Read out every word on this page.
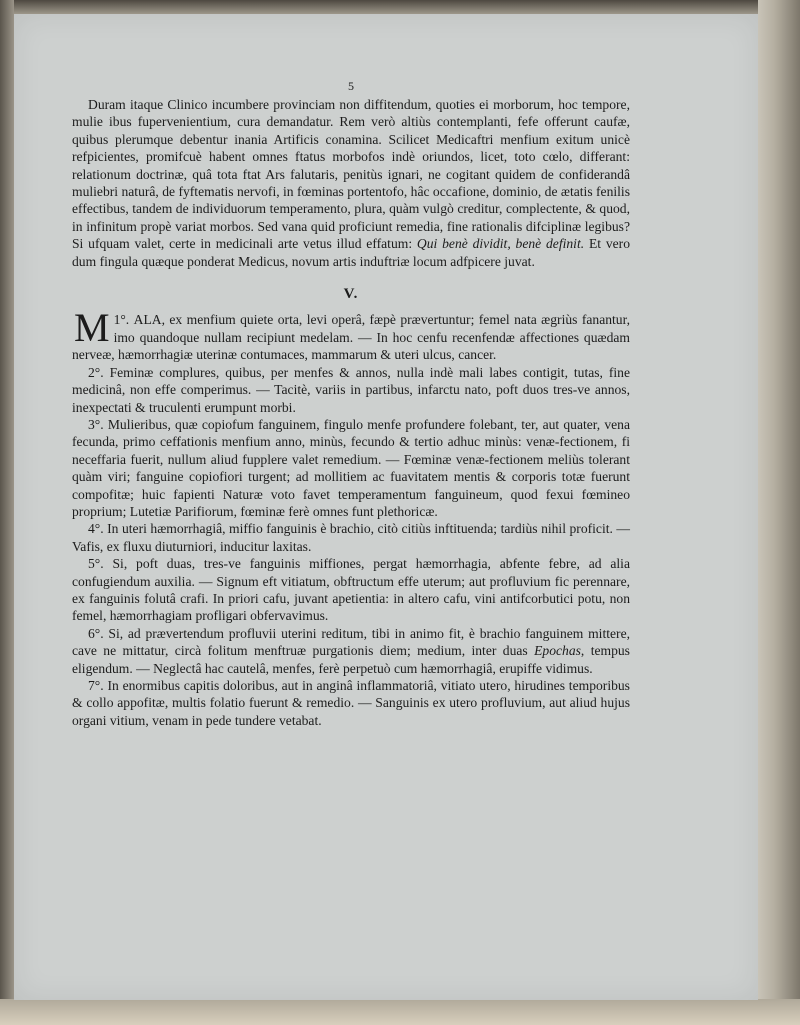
5

Duram itaque Clinico incumbere provinciam non diffitendum, quoties ei morborum, hoc tempore, mulie ibus fupervenientium, cura demandatur. Rem verò altiùs contemplanti, fefe offerunt caufæ, quibus plerumque debentur inania Artificis conamina. Scilicet Medicaftri menfium exitum unicè refpicientes, promifcuè habent omnes ftatus morbofos indè oriundos, licet, toto cœlo, differant: relationum doctrinæ, quâ tota ftat Ars falutaris, penitùs ignari, ne cogitant quidem de confiderandâ muliebri naturâ, de fyftematis nervofi, in fœminas portentofo, hâc occafione, dominio, de ætatis fenilis effectibus, tandem de individuorum temperamento, plura, quàm vulgò creditur, complectente, & quod, in infinitum propè variat morbos. Sed vana quid proficiunt remedia, fine rationalis difciplinæ legibus? Si ufquam valet, certe in medicinali arte vetus illud effatum: Qui benè dividit, benè definit. Et vero dum fingula quæque ponderat Medicus, novum artis induftriæ locum adfpicere juvat.

V.

1°.
M ALA, ex menfium quiete orta, levi operâ, fæpè prævertuntur; femel nata ægriùs fanantur, imo quandoque nullam recipiunt medelam. — In hoc cenfu recenfendæ affectiones quædam nerveæ, hæmorrhagiæ uterinæ contumaces, mammarum & uteri ulcus, cancer.

2°. Feminæ complures, quibus, per menfes & annos, nulla indè mali labes contigit, tutas, fine medicinâ, non effe comperimus. — Tacitè, variis in partibus, infarctu nato, poft duos tres-ve annos, inexpectati & truculenti erumpunt morbi.

3°. Mulieribus, quæ copiofum fanguinem, fingulo menfe profundere folebant, ter, aut quater, vena fecunda, primo ceffationis menfium anno, minùs, fecundo & tertio adhuc minùs: venæ-fectionem, fi neceffaria fuerit, nullum aliud fupplere valet remedium. — Fœminæ venæ-fectionem meliùs tolerant quàm viri; fanguine copiofiori turgent; ad mollitiem ac fuavitatem mentis & corporis totæ fuerunt compofitæ; huic fapienti Naturæ voto favet temperamentum fanguineum, quod fexui fœmineo proprium; Lutetiæ Parifiorum, fœminæ ferè omnes funt plethoricæ.

4°. In uteri hæmorrhagiâ, miffio fanguinis è brachio, citò citiùs inftituenda; tardiùs nihil proficit. — Vafis, ex fluxu diuturniori, inducitur laxitas.

5°. Si, poft duas, tres-ve fanguinis miffiones, pergat hæmorrhagia, abfente febre, ad alia confugiendum auxilia. — Signum eft vitiatum, obftructum effe uterum; aut profluvium fic perennare, ex fanguinis folutâ crafi. In priori cafu, juvant apetientia: in altero cafu, vini antifcorbutici potu, non femel, hæmorrhagiam profligari obfervavimus.

6°. Si, ad prævertendum profluvii uterini reditum, tibi in animo fit, è brachio fanguinem mittere, cave ne mittatur, circà folitum menftruæ purgationis diem; medium, inter duas Epochas, tempus eligendum. — Neglectâ hac cautelâ, menfes, ferè perpetuò cum hæmorrhagiâ, erupiffe vidimus.

7°. In enormibus capitis doloribus, aut in anginâ inflammatoriâ, vitiato utero, hirudines temporibus & collo appofitæ, multis folatio fuerunt & remedio. — Sanguinis ex utero profluvium, aut aliud hujus organi vitium, venam in pede tundere vetabat.
